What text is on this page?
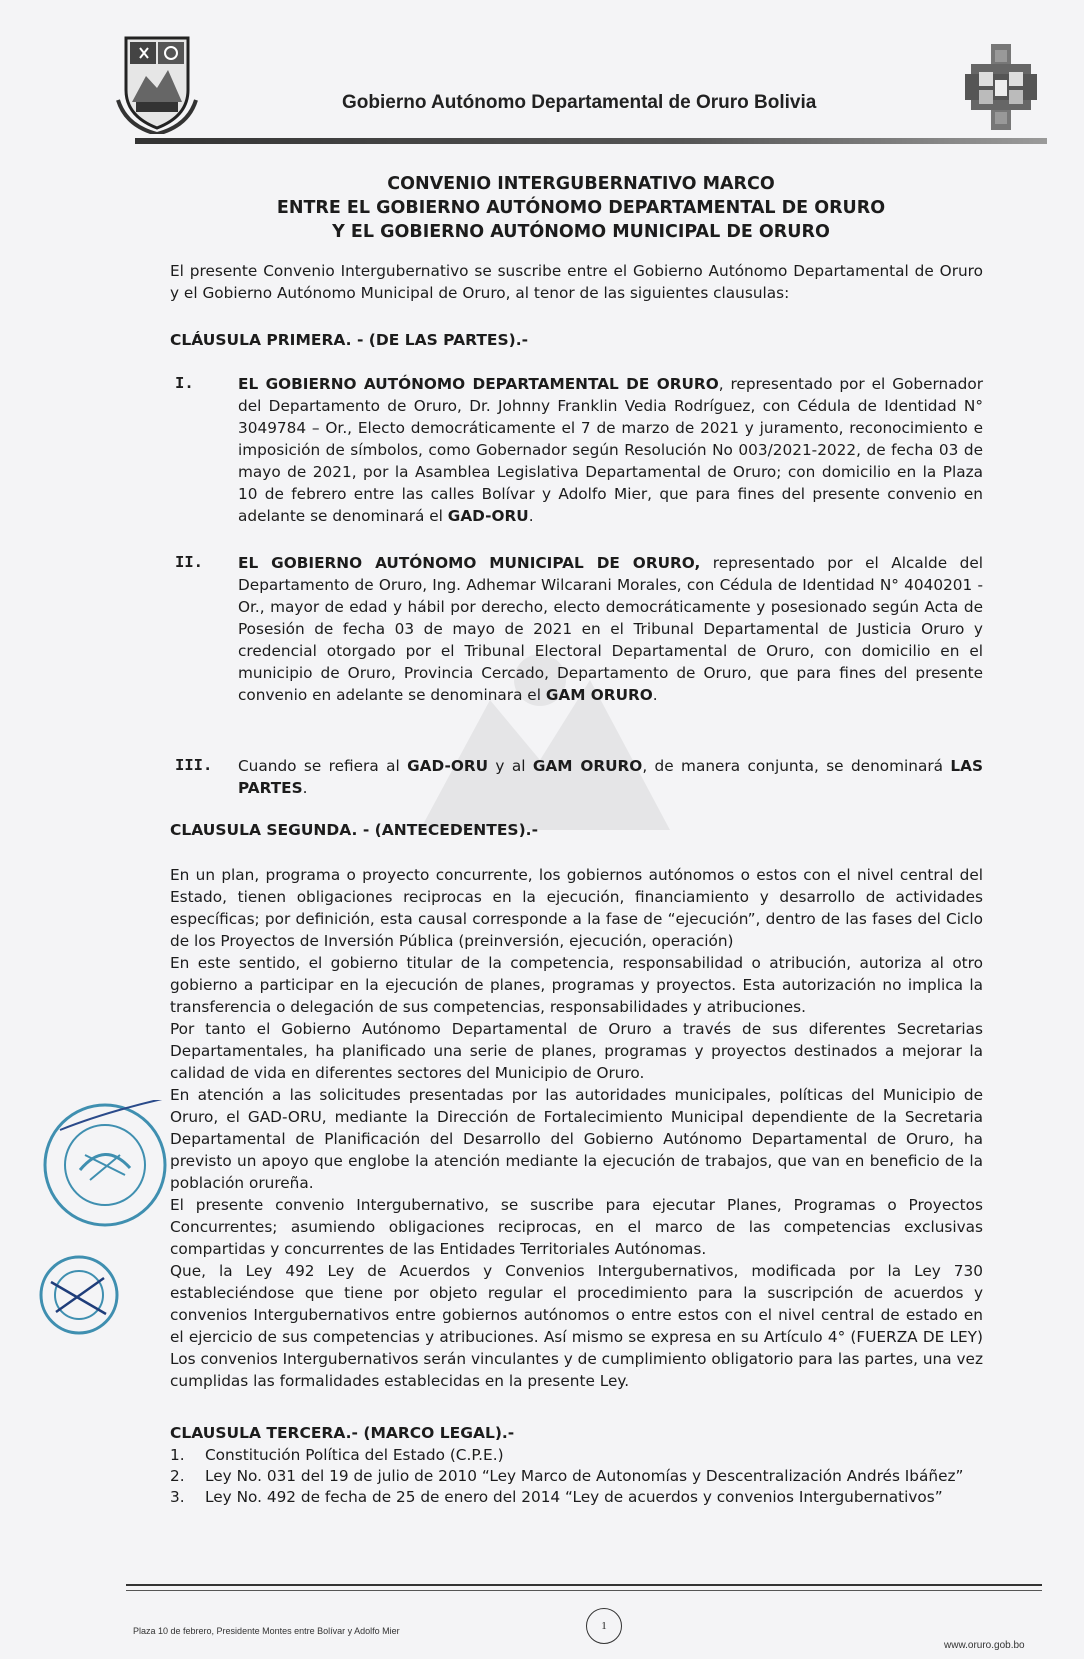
Gobierno Autónomo Departamental de Oruro Bolivia
CONVENIO INTERGUBERNATIVO MARCO
ENTRE EL GOBIERNO AUTÓNOMO DEPARTAMENTAL DE ORURO
Y EL GOBIERNO AUTÓNOMO MUNICIPAL DE ORURO
El presente Convenio Intergubernativo se suscribe entre el Gobierno Autónomo Departamental de Oruro y el Gobierno Autónomo Municipal de Oruro, al tenor de las siguientes clausulas:
CLÁUSULA PRIMERA. - (DE LAS PARTES).-
I.	EL GOBIERNO AUTÓNOMO DEPARTAMENTAL DE ORURO, representado por el Gobernador del Departamento de Oruro, Dr. Johnny Franklin Vedia Rodríguez, con Cédula de Identidad N° 3049784 – Or., Electo democráticamente el 7 de marzo de 2021 y juramento, reconocimiento e imposición de símbolos, como Gobernador según Resolución No 003/2021-2022, de fecha 03 de mayo de 2021, por la Asamblea Legislativa Departamental de Oruro; con domicilio en la Plaza 10 de febrero entre las calles Bolívar y Adolfo Mier, que para fines del presente convenio en adelante se denominará el GAD-ORU.
II. EL GOBIERNO AUTÓNOMO MUNICIPAL DE ORURO, representado por el Alcalde del Departamento de Oruro, Ing. Adhemar Wilcarani Morales, con Cédula de Identidad N° 4040201 - Or., mayor de edad y hábil por derecho, electo democráticamente y posesionado según Acta de Posesión de fecha 03 de mayo de 2021 en el Tribunal Departamental de Justicia Oruro y credencial otorgado por el Tribunal Electoral Departamental de Oruro, con domicilio en el municipio de Oruro, Provincia Cercado, Departamento de Oruro, que para fines del presente convenio en adelante se denominara el GAM ORURO.
III. Cuando se refiera al GAD-ORU y al GAM ORURO, de manera conjunta, se denominará LAS PARTES.
CLAUSULA SEGUNDA. - (ANTECEDENTES).-

En un plan, programa o proyecto concurrente, los gobiernos autónomos o estos con el nivel central del Estado, tienen obligaciones reciprocas en la ejecución, financiamiento y desarrollo de actividades específicas; por definición, esta causal corresponde a la fase de “ejecución”, dentro de las fases del Ciclo de los Proyectos de Inversión Pública (preinversión, ejecución, operación)

En este sentido, el gobierno titular de la competencia, responsabilidad o atribución, autoriza al otro gobierno a participar en la ejecución de planes, programas y proyectos. Esta autorización no implica la transferencia o delegación de sus competencias, responsabilidades y atribuciones.

Por tanto el Gobierno Autónomo Departamental de Oruro a través de sus diferentes Secretarias Departamentales, ha planificado una serie de planes, programas y proyectos destinados a mejorar la calidad de vida en diferentes sectores del Municipio de Oruro.

En atención a las solicitudes presentadas por las autoridades municipales, políticas del Municipio de Oruro, el GAD-ORU, mediante la Dirección de Fortalecimiento Municipal dependiente de la Secretaria Departamental de Planificación del Desarrollo del Gobierno Autónomo Departamental de Oruro, ha previsto un apoyo que englobe la atención mediante la ejecución de trabajos, que van en beneficio de la población orureña.

El presente convenio Intergubernativo, se suscribe para ejecutar Planes, Programas o Proyectos Concurrentes; asumiendo obligaciones reciprocas, en el marco de las competencias exclusivas compartidas y concurrentes de las Entidades Territoriales Autónomas.

Que, la Ley 492 Ley de Acuerdos y Convenios Intergubernativos, modificada por la Ley 730 estableciéndose que tiene por objeto regular el procedimiento para la suscripción de acuerdos y convenios Intergubernativos entre gobiernos autónomos o entre estos con el nivel central de estado en el ejercicio de sus competencias y atribuciones. Así mismo se expresa en su Artículo 4° (FUERZA DE LEY) Los convenios Intergubernativos serán vinculantes y de cumplimiento obligatorio para las partes, una vez cumplidas las formalidades establecidas en la presente Ley.

CLAUSULA TERCERA.- (MARCO LEGAL).-
1. Constitución Política del Estado (C.P.E.)
2. Ley No. 031 del 19 de julio de 2010 “Ley Marco de Autonomías y Descentralización Andrés Ibáñez”
3. Ley No. 492 de fecha de 25 de enero del 2014 “Ley de acuerdos y convenios Intergubernativos”
Plaza 10 de febrero, Presidente Montes entre Bolívar y Adolfo Mier	1
www.oruro.gob.bo
